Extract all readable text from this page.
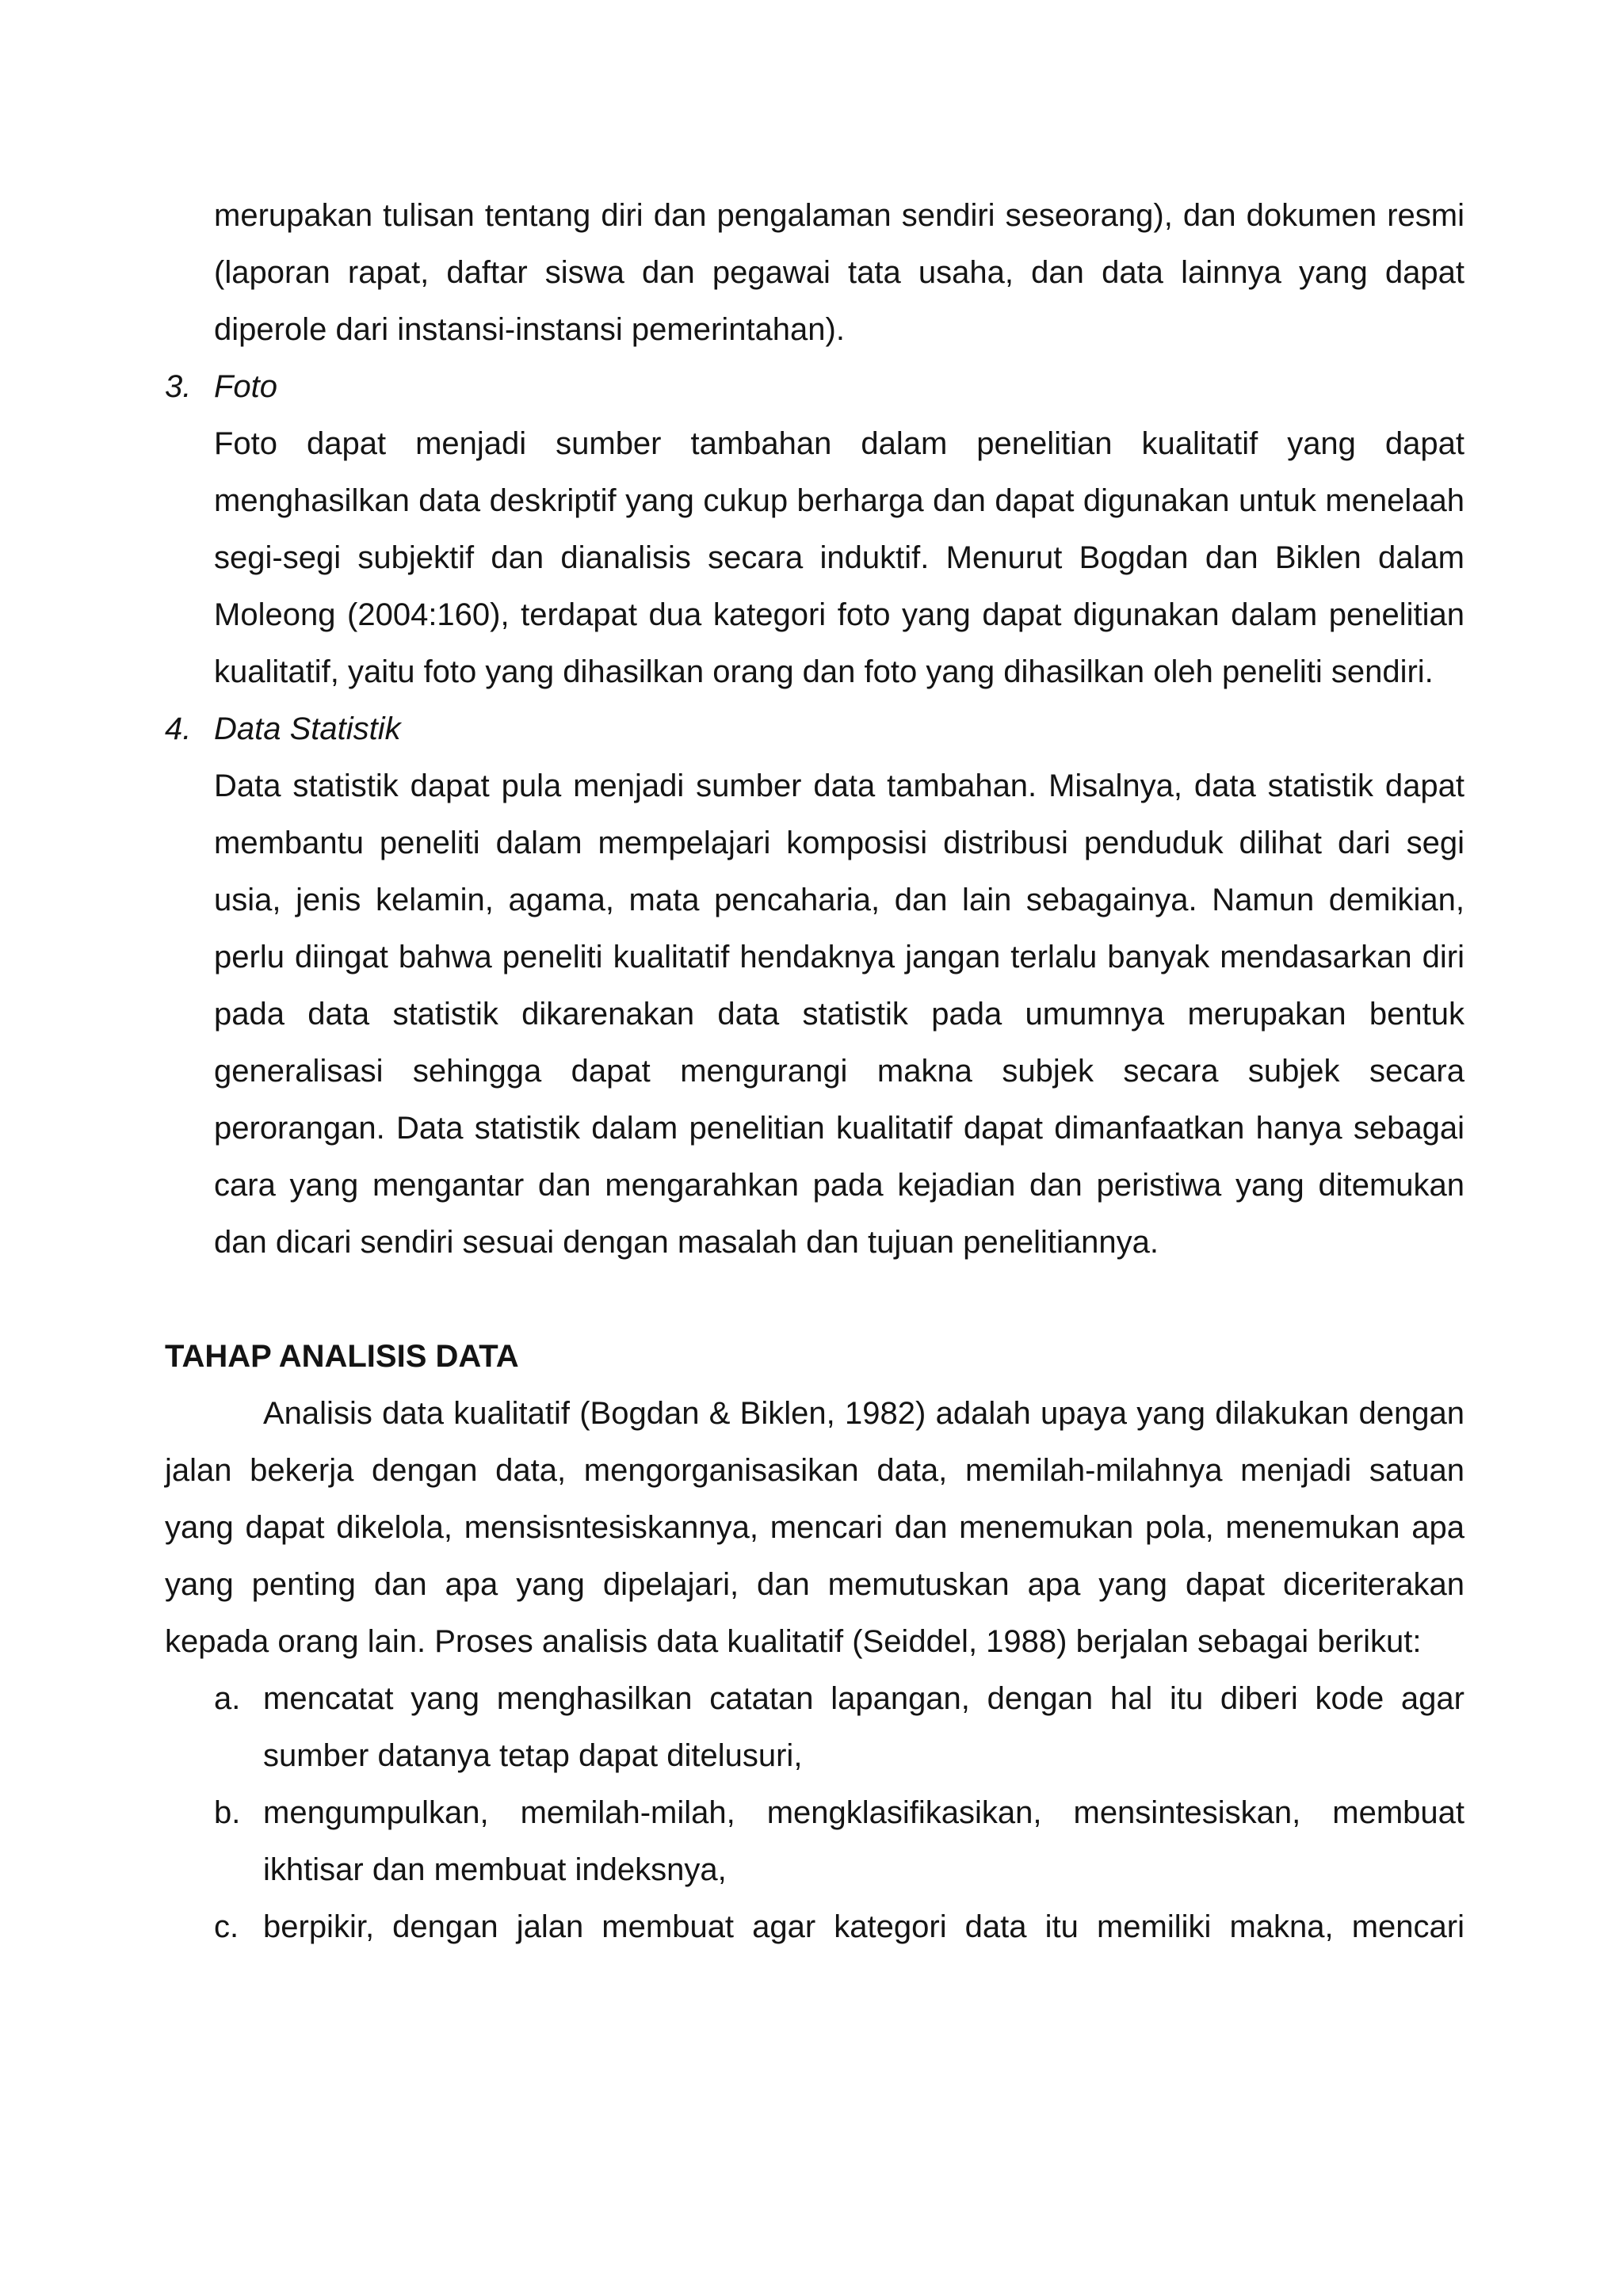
merupakan tulisan tentang diri dan pengalaman sendiri seseorang), dan dokumen resmi (laporan rapat, daftar siswa dan pegawai tata usaha, dan data lainnya yang dapat diperole dari instansi-instansi pemerintahan).

3. Foto

Foto dapat menjadi sumber tambahan dalam penelitian kualitatif yang dapat menghasilkan data deskriptif yang cukup berharga dan dapat digunakan untuk menelaah segi-segi subjektif dan dianalisis secara induktif. Menurut Bogdan dan Biklen dalam Moleong (2004:160), terdapat dua kategori foto yang dapat digunakan dalam penelitian kualitatif, yaitu foto yang dihasilkan orang dan foto yang dihasilkan oleh peneliti sendiri.

4. Data Statistik

Data statistik dapat pula menjadi sumber data tambahan. Misalnya, data statistik dapat membantu peneliti dalam mempelajari komposisi distribusi penduduk dilihat dari segi usia, jenis kelamin, agama, mata pencaharia, dan lain sebagainya. Namun demikian, perlu diingat bahwa peneliti kualitatif hendaknya jangan terlalu banyak mendasarkan diri pada data statistik dikarenakan data statistik pada umumnya merupakan bentuk generalisasi sehingga dapat mengurangi makna subjek secara subjek secara perorangan. Data statistik dalam penelitian kualitatif dapat dimanfaatkan hanya sebagai cara yang mengantar dan mengarahkan pada kejadian dan peristiwa yang ditemukan dan dicari sendiri sesuai dengan masalah dan tujuan penelitiannya.

TAHAP ANALISIS DATA

Analisis data kualitatif (Bogdan & Biklen, 1982) adalah upaya yang dilakukan dengan jalan bekerja dengan data, mengorganisasikan data, memilah-milahnya menjadi satuan yang dapat dikelola, mensisntesiskannya, mencari dan menemukan pola, menemukan apa yang penting dan apa yang dipelajari, dan memutuskan apa yang dapat diceriterakan kepada orang lain. Proses analisis data kualitatif (Seiddel, 1988) berjalan sebagai berikut:

a. mencatat yang menghasilkan catatan lapangan, dengan hal itu diberi kode agar sumber datanya tetap dapat ditelusuri,
b. mengumpulkan, memilah-milah, mengklasifikasikan, mensintesiskan, membuat ikhtisar dan membuat indeksnya,
c. berpikir, dengan jalan membuat agar kategori data itu memiliki makna, mencari
